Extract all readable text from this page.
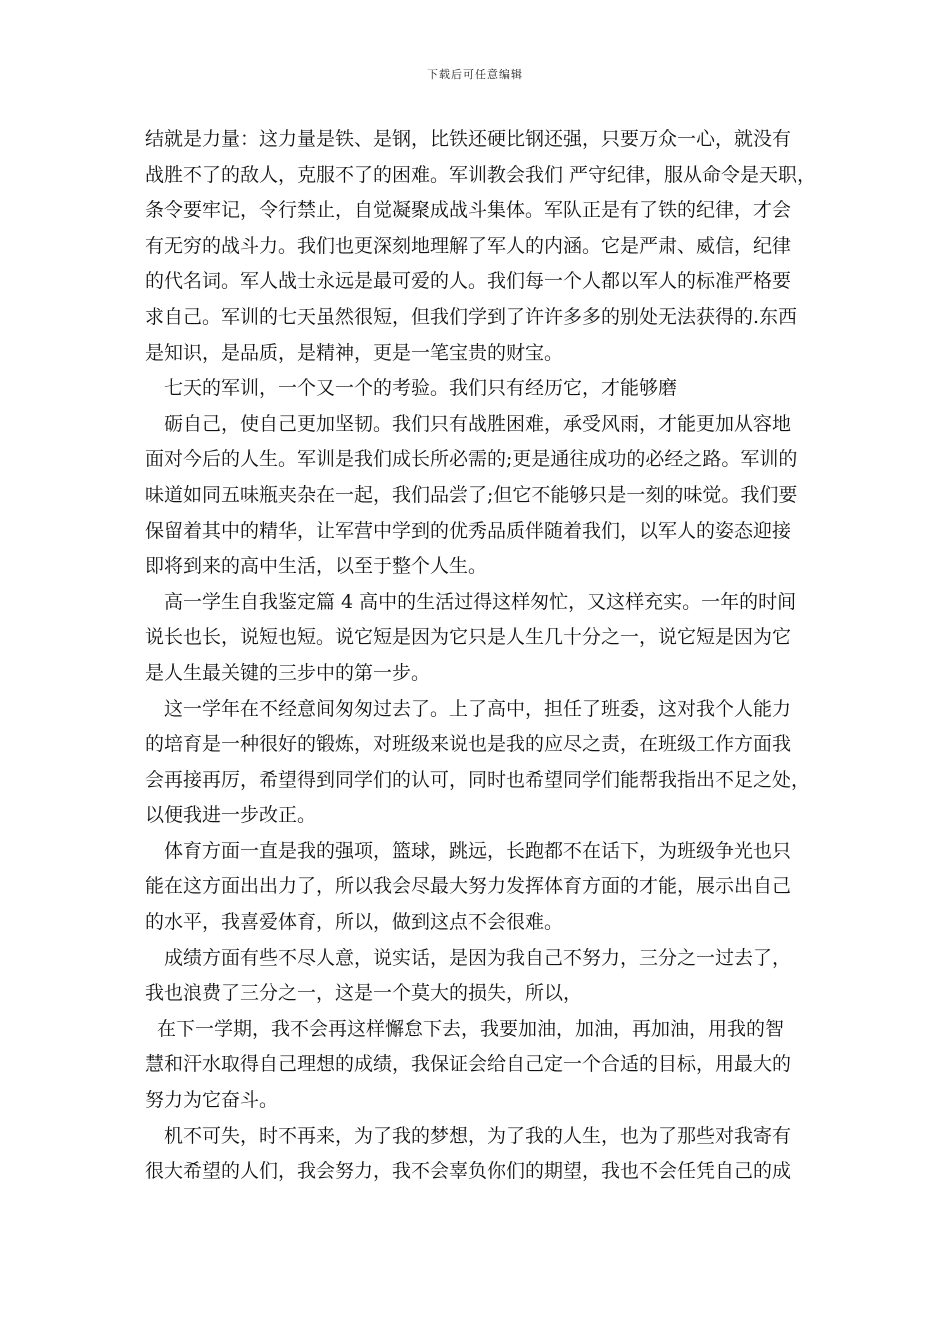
下载后可任意编辑
结就是力量：这力量是铁、是钢，比铁还硬比钢还强，只要万众一心，就没有
战胜不了的敌人，克服不了的困难。军训教会我们 严守纪律，服从命令是天职，
条令要牢记，令行禁止，自觉凝聚成战斗集体。军队正是有了铁的纪律，才会
有无穷的战斗力。我们也更深刻地理解了军人的内涵。它是严肃、威信，纪律
的代名词。军人战士永远是最可爱的人。我们每一个人都以军人的标准严格要
求自己。军训的七天虽然很短，但我们学到了许许多多的别处无法获得的.东西
是知识，是品质，是精神，更是一笔宝贵的财宝。
七天的军训，一个又一个的考验。我们只有经历它，才能够磨
砺自己，使自己更加坚韧。我们只有战胜困难，承受风雨，才能更加从容地
面对今后的人生。军训是我们成长所必需的;更是通往成功的必经之路。军训的
味道如同五味瓶夹杂在一起，我们品尝了;但它不能够只是一刻的味觉。我们要
保留着其中的精华，让军营中学到的优秀品质伴随着我们，以军人的姿态迎接
即将到来的高中生活，以至于整个人生。
高一学生自我鉴定篇 4 高中的生活过得这样匆忙，又这样充实。一年的时间
说长也长，说短也短。说它短是因为它只是人生几十分之一，说它短是因为它
是人生最关键的三步中的第一步。
这一学年在不经意间匆匆过去了。上了高中，担任了班委，这对我个人能力
的培育是一种很好的锻炼，对班级来说也是我的应尽之责，在班级工作方面我
会再接再厉，希望得到同学们的认可，同时也希望同学们能帮我指出不足之处，
以便我进一步改正。
体育方面一直是我的强项，篮球，跳远，长跑都不在话下，为班级争光也只
能在这方面出出力了，所以我会尽最大努力发挥体育方面的才能，展示出自己
的水平，我喜爱体育，所以，做到这点不会很难。
成绩方面有些不尽人意，说实话，是因为我自己不努力，三分之一过去了，
我也浪费了三分之一，这是一个莫大的损失，所以，
在下一学期，我不会再这样懈怠下去，我要加油，加油，再加油，用我的智
慧和汗水取得自己理想的成绩，我保证会给自己定一个合适的目标，用最大的
努力为它奋斗。
机不可失，时不再来，为了我的梦想，为了我的人生，也为了那些对我寄有
很大希望的人们，我会努力，我不会辜负你们的期望，我也不会任凭自己的成
